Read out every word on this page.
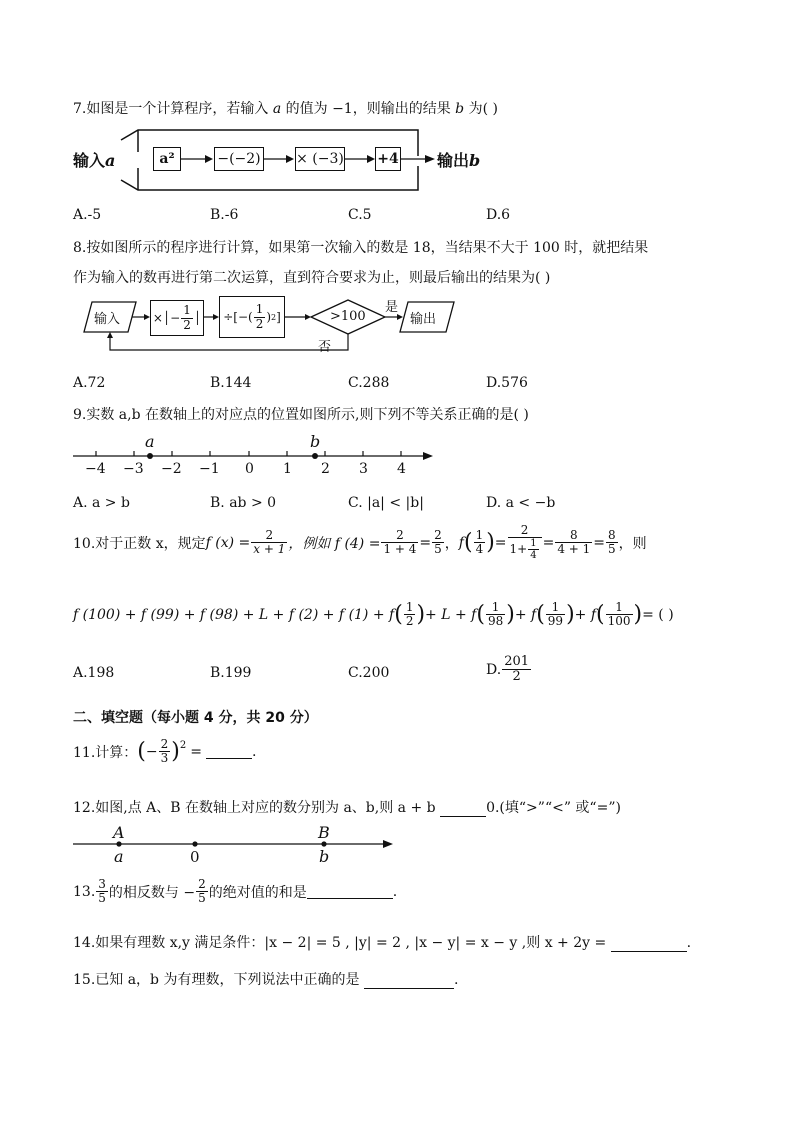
7.如图是一个计算程序，若输入 a 的值为 −1，则输出的结果 b 为( )
输入a	a²	−(−2)	× (−3) +4 输出b
A.-5	B.-6	C.5	D.6
8.按如图所示的程序进行计算，如果第一次输入的数是 18，当结果不大于 100 时，就把结果
作为输入的数再进行第二次运算，直到符合要求为止，则最后输出的结果为( )
输入	× │ − $\frac{1}{2}$ │ ÷ [ − ( $\frac{1}{2}$ ) 2 ]	>100
是
输出
否
A.72	B.144	C.288	D.576
9.实数 a,b 在数轴上的对应点的位置如图所示,则下列不等关系正确的是( )
a	b
−4 −3 −2 −1 0 1 2 3 4
A. a > b	B. ab > 0	C. |a| < |b|	D. a < −b
10.对于正数 x，规定 f $(x) = \frac{2}{x + 1}$ ，例如 f $(4) = \frac{2}{1 + 4} = \frac{2}{5}$ ， f ( $\frac{1}{4}$ ) = $\frac{2}{1+ \frac{1}{4}} = \frac{8}{4 + 1} = \frac{8}{5}$ ，则
f (100) + f (99) + f (98) + L + f (2) + f (1) + f ( $\frac{1}{2}$ ) + L + f ( $\frac{1}{98}$ ) + f ( $\frac{1}{99}$ ) + f ( $\frac{1}{100}$ ) = ( )
A.198	B.199	C.200	D. $\frac{201}{2}$
二、填空题（每小题 4 分，共 20 分）
11.计算： ( − $\frac{2}{3} )^2$ =	.
12.如图,点 A、B 在数轴上对应的数分别为 a、b,则 a + b	0.(填“>”“<” 或“=”)
A
a	0
B
b
13. $\frac{3}{5}$ 的相反数与 − $\frac{2}{5}$ 的绝对值的和是	.
14.如果有理数 x,y 满足条件：|x − 2| = 5 , |y| = 2 , |x − y| = x − y ,则 x + 2y =	.
15.已知 a，b 为有理数，下列说法中正确的是	.
